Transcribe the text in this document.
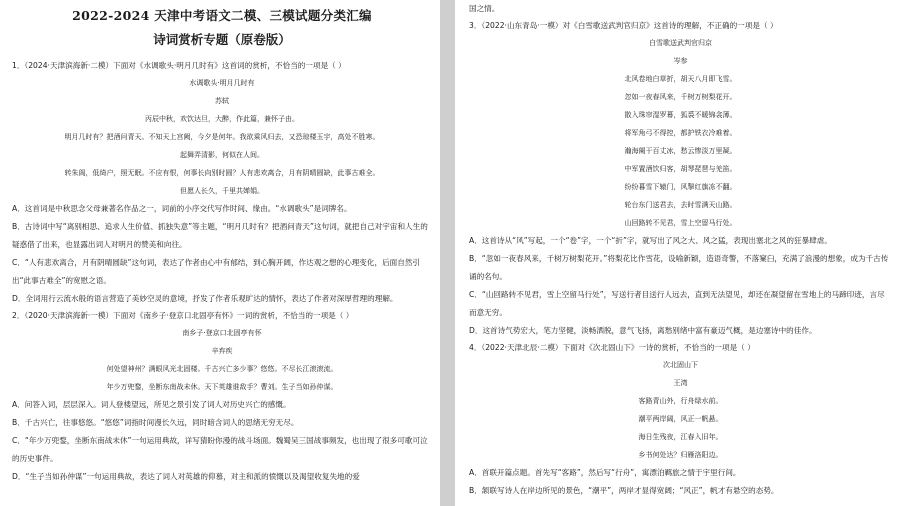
2022-2024 天津中考语文二模、三模试题分类汇编

诗词赏析专题（原卷版）

1．（2024·天津滨海新·二模）下面对《水调歌头·明月几时有》这首词的赏析，不恰当的一项是（ ）

水调歌头·明月几时有

苏轼

丙辰中秋，欢饮达旦，大醉，作此篇，兼怀子由。

明月几时有？把酒问青天。不知天上宫阙，今夕是何年。我欲乘风归去，又恐琼楼玉宇，高处不胜寒。

起舞弄清影，何似在人间。

转朱阁，低绮户，照无眠。不应有恨，何事长向别时圆？人有悲欢离合，月有阴晴圆缺，此事古难全。

但愿人长久，千里共婵娟。

A．这首词是中秋思念父母兼著名作品之一，词前的小序交代写作时间、缘由。“水调歌头”是词牌名。

B．古诗词中写“离别相思、追求人生价值、抓独失意”等主题，“明月几时有？把酒问青天”这句词，就把自己对宇宙和人生的疑惑借了出来，也显露出词人对明月的赞美和向往。

C．“人有悲欢离合，月有阴晴圆缺”这句词，表达了作者由心中有郁结，到心胸开阔，作达观之想的心理变化，后面自然引出“此事古难全”的宽慰之语。

D．全词用行云流水般的语言营造了美妙空灵的意境，抒发了作者乐观旷达的情怀，表达了作者对深厚哲理的理解。

2．（2020·天津滨海新·一模）下面对《南乡子·登京口北固亭有怀》一词的赏析，不恰当的一项是（ ）

南乡子·登京口北固亭有怀

辛弃疾

何处望神州？满眼风光北固楼。千古兴亡多少事？悠悠。不尽长江滚滚流。

年少万兜鍪，坐断东南战未休。天下英雄谁敌手？曹刘。生子当如孙仲谋。

A．问答入词，层层深入。词人登楼望远，所见之景引发了词人对历史兴亡的感慨。

B．千古兴亡，往事悠悠。“悠悠”词指时间漫长久远，同时暗含词人的思绪无穷无尽。

C．“年少万兜鍪，坐断东南战未休”一句运用典故，详写猜盼你漫的战斗场面。魏蜀吴三国战事频发，也出现了很多可歌可泣的历史事件。

D．“生子当如孙仲谋”一句运用典故，表达了词人对英雄的仰慕，对主和派的愤慨以及渴望收复失地的爱

国之情。

3．（2022·山东青岛·一模）对《白雪歌送武判官归京》这首诗的理解，不正确的一项是（ ）

白雪歌送武判官归京

岑参

北风卷地白草折，胡天八月即飞雪。

忽如一夜春风来，千树万树梨花开。

散入珠帘湿罗幕，狐裘不暖锦衾薄。

将军角弓不得控，都护铁衣冷难着。

瀚海阑干百丈冰，愁云惨淡万里凝。

中军置酒饮归客，胡琴琵琶与羌笛。

纷纷暮雪下辕门，风掣红旗冻不翻。

轮台东门送君去，去时雪满天山路。

山回路转不见君，雪上空留马行处。

A．这首诗从“风”写起，一个“卷”字，一个“折”字，就写出了风之大、风之猛，表现出塞北之风的狂暴肆虐。

B．“忽如一夜春风来，千树万树梨花开。”将梨花比作雪花，设喻新颖，造语奇警，不落窠臼，充满了浪漫的想象，成为千古传诵的名句。

C．“山回路转不见君，雪上空留马行处”，写送行者目送行人远去，直到无法望见，却还在凝望留在雪地上的马蹄印迹，言尽而意无穷。

D．这首诗气势宏大，笔力坚健，淡畅洒脱，意气飞扬，离愁别绪中富有豪迈气概，是边塞诗中的佳作。

4．（2022·天津北辰·二模）下面对《次北固山下》一诗的赏析，不恰当的一项是（ ）

次北固山下

王湾

客路青山外，行舟绿水前。

潮平两岸阔，风正一帆悬。

海日生残夜，江春入旧年。

乡书何处达？归雁洛阳边。

A．首联开篇点题。首先写“客路”，然后写“行舟”，寓漂泊羁旅之情于宇里行间。

B．颔联写诗人在岸边所见的景色，“潮平”，两岸才显得宽阔；“风正”，帆才有悬空的态势。
